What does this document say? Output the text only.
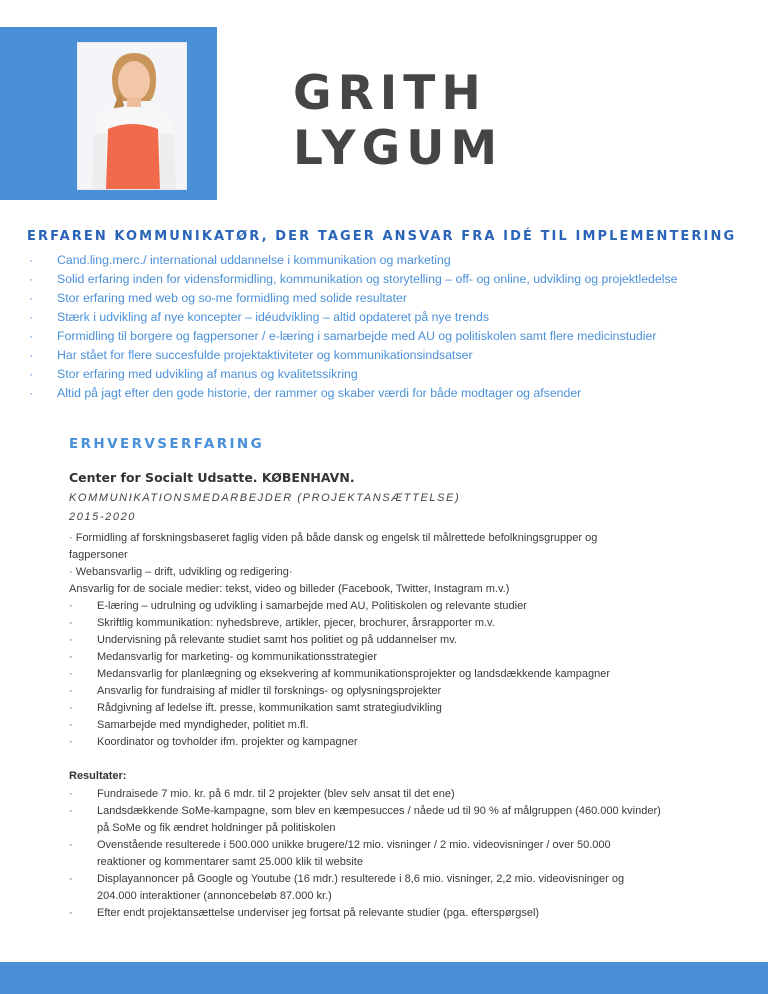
GRITH
LYGUM
ERFAREN KOMMUNIKATØR, DER TAGER ANSVAR FRA IDÉ TIL IMPLEMENTERING
· Cand.ling.merc./ international uddannelse i kommunikation og marketing
· Solid erfaring inden for vidensformidling, kommunikation og storytelling – off- og online, udvikling og projektledelse
· Stor erfaring med web og so-me formidling med solide resultater
· Stærk i udvikling af nye koncepter – idéudvikling – altid opdateret på nye trends
· Formidling til borgere og fagpersoner / e-læring i samarbejde med AU og politiskolen samt flere medicinstudier
· Har stået for flere succesfulde projektaktiviteter og kommunikationsindsatser
· Stor erfaring med udvikling af manus og kvalitetssikring
· Altid på jagt efter den gode historie, der rammer og skaber værdi for både modtager og afsender
ERHVERVSERFARING
Center for Socialt Udsatte. KØBENHAVN.
KOMMUNIKATIONSMEDARBEJDER (PROJEKTANSÆTTELSE)
2015-2020
· Formidling af forskningsbaseret faglig viden på både dansk og engelsk til målrettede befolkningsgrupper og
fagpersoner
· Webansvarlig – drift, udvikling og redigering·
Ansvarlig for de sociale medier: tekst, video og billeder (Facebook, Twitter, Instagram m.v.)
· E-læring – udrulning og udvikling i samarbejde med AU, Politiskolen og relevante studier
· Skriftlig kommunikation: nyhedsbreve, artikler, pjecer, brochurer, årsrapporter m.v.
· Undervisning på relevante studiet samt hos politiet og på uddannelser mv.
· Medansvarlig for marketing- og kommunikationsstrategier
· Medansvarlig for planlægning og eksekvering af kommunikationsprojekter og landsdækkende kampagner
· Ansvarlig for fundraising af midler til forsknings- og oplysningsprojekter
· Rådgivning af ledelse ift. presse, kommunikation samt strategiudvikling
· Samarbejde med myndigheder, politiet m.fl.
· Koordinator og tovholder ifm. projekter og kampagner
Resultater:
· Fundraisede 7 mio. kr. på 6 mdr. til 2 projekter (blev selv ansat til det ene)
· Landsdækkende SoMe-kampagne, som blev en kæmpesucces / nåede ud til 90 % af målgruppen (460.000 kvinder)
på SoMe og fik ændret holdninger på politiskolen
· Ovenstående resulterede i 500.000 unikke brugere/12 mio. visninger / 2 mio. videovisninger / over 50.000
reaktioner og kommentarer samt 25.000 klik til website
· Displayannoncer på Google og Youtube (16 mdr.) resulterede i 8,6 mio. visninger, 2,2 mio. videovisninger og
204.000 interaktioner (annoncebeløb 87.000 kr.)
· Efter endt projektansættelse underviser jeg fortsat på relevante studier (pga. efterspørgsel)
